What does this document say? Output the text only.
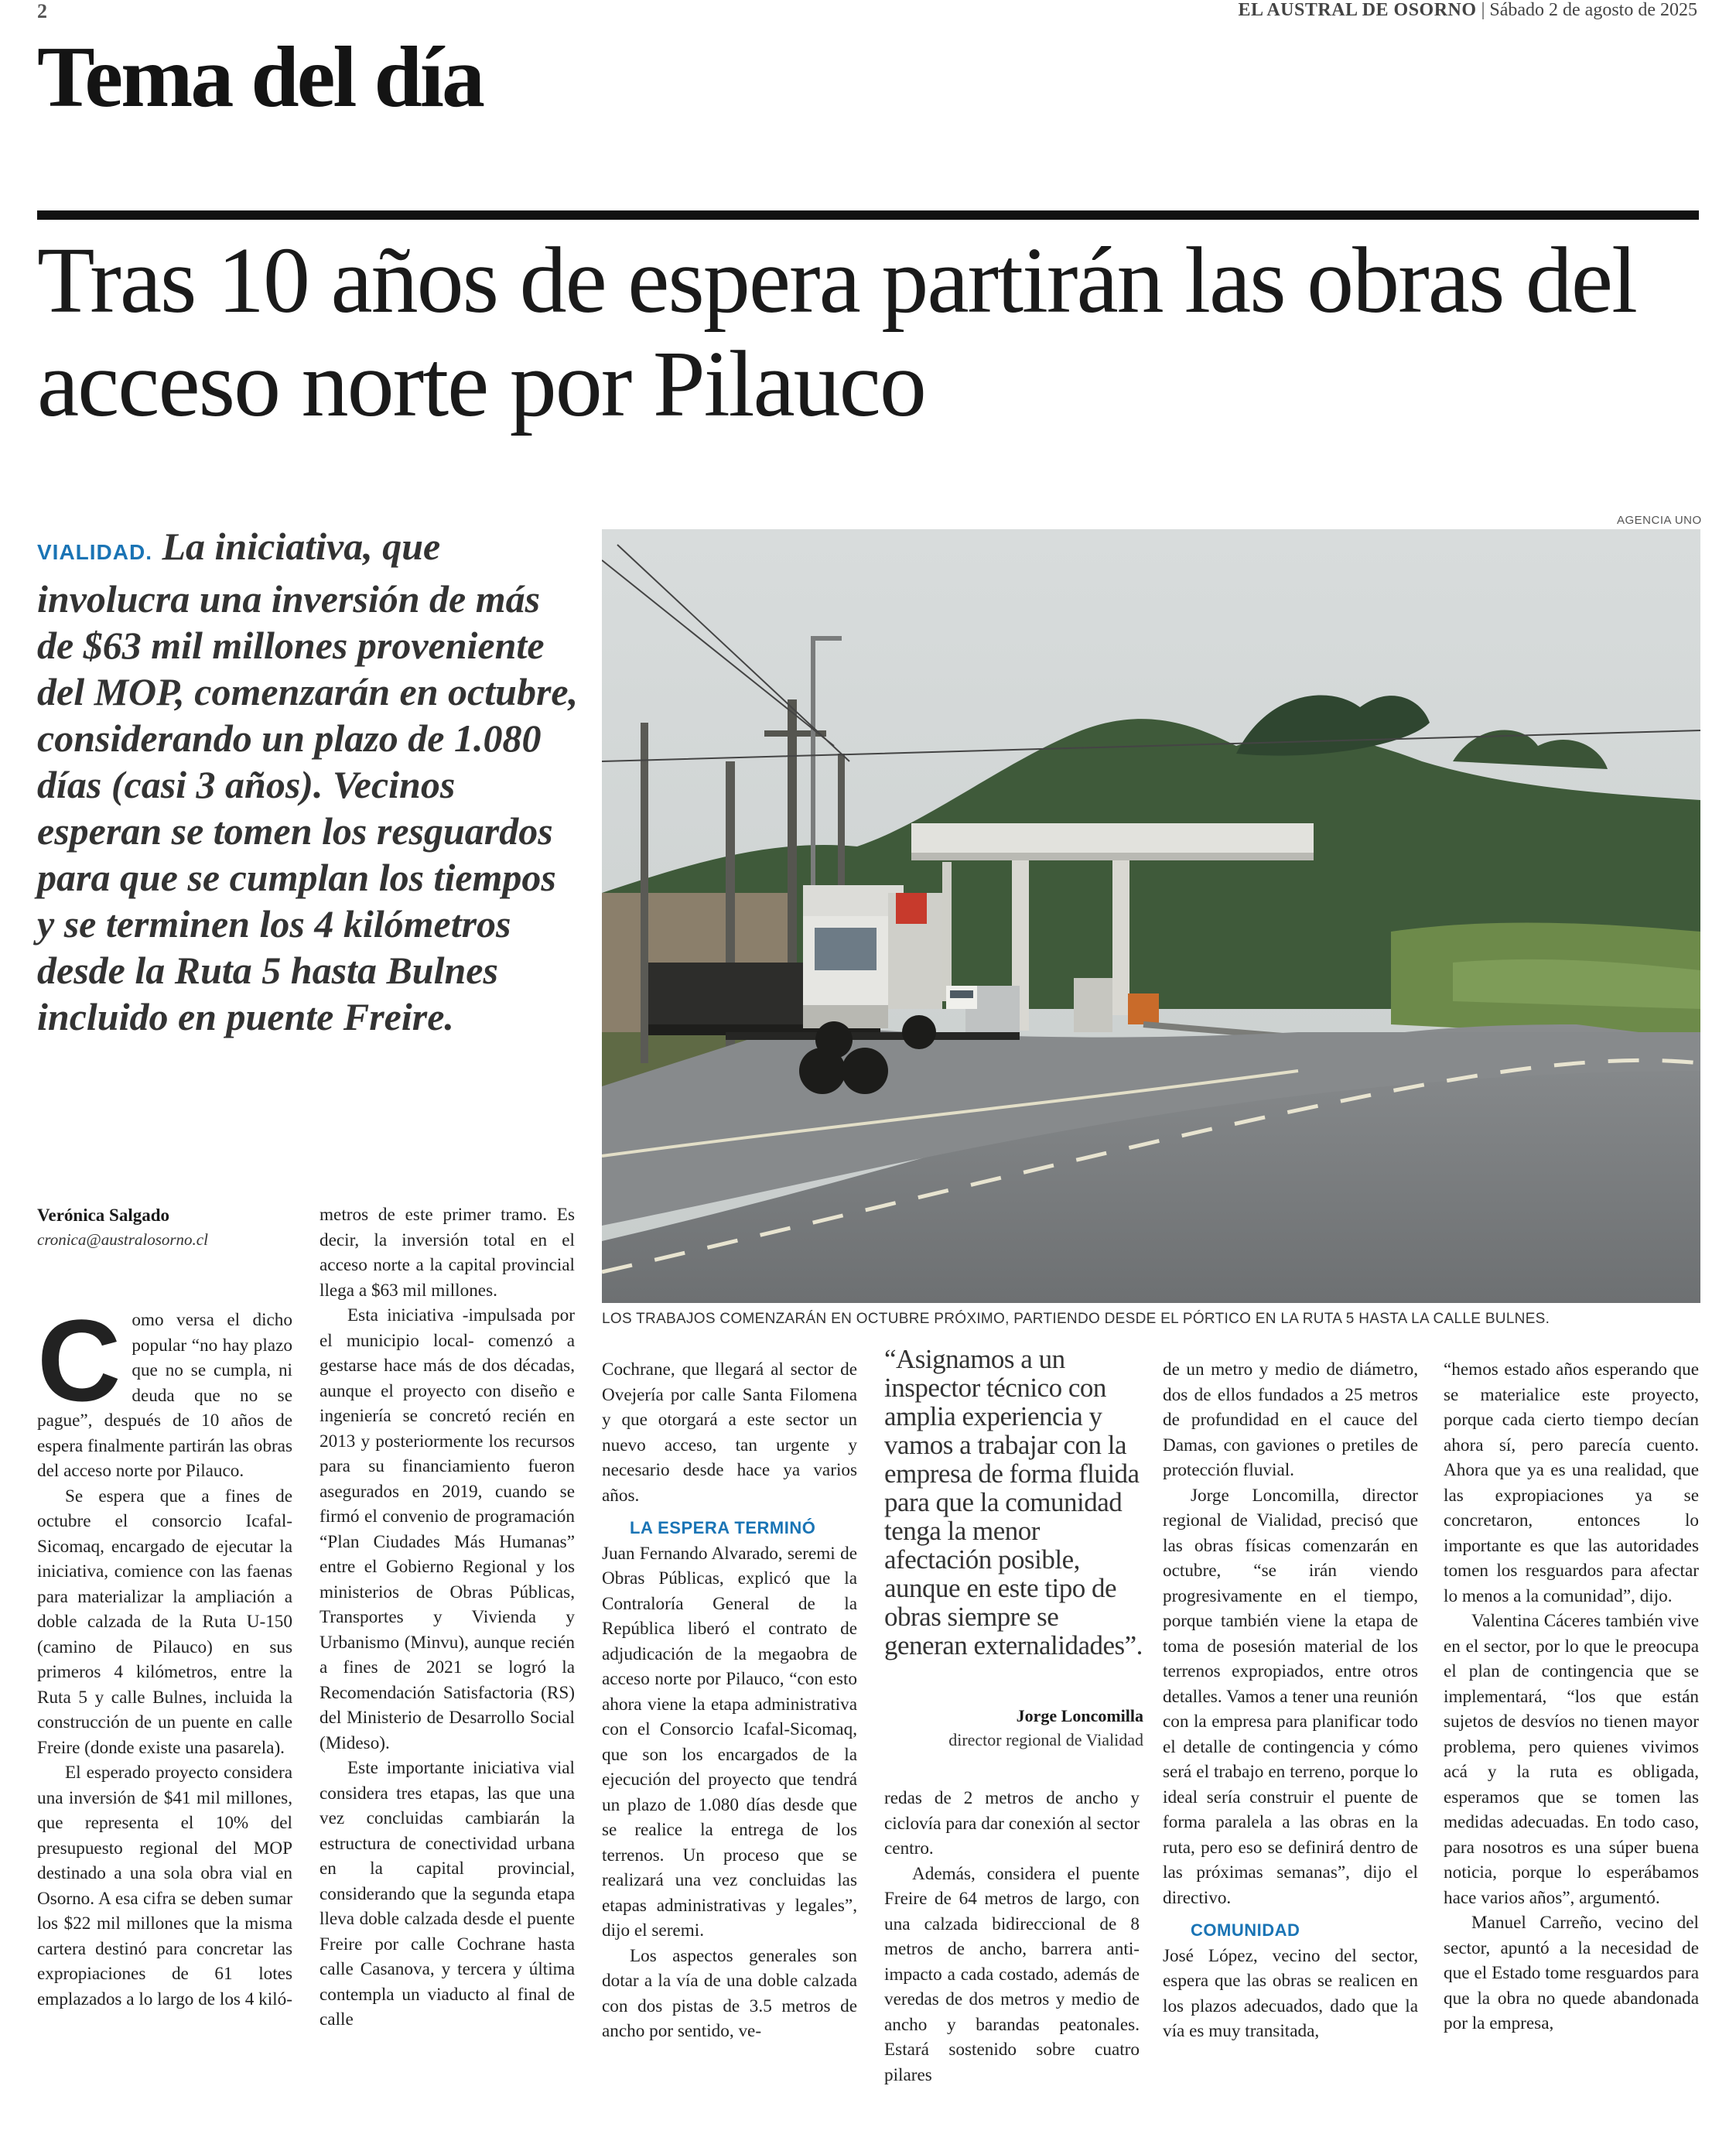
2	EL AUSTRAL DE OSORNO | Sábado 2 de agosto de 2025
Tema del día
Tras 10 años de espera partirán las obras del acceso norte por Pilauco
VIALIDAD. La iniciativa, que involucra una inversión de más de $63 mil millones proveniente del MOP, comenzarán en octubre, considerando un plazo de 1.080 días (casi 3 años). Vecinos esperan se tomen los resguardos para que se cumplan los tiempos y se terminen los 4 kilómetros desde la Ruta 5 hasta Bulnes incluido en puente Freire.
AGENCIA UNO
LOS TRABAJOS COMENZARÁN EN OCTUBRE PRÓXIMO, PARTIENDO DESDE EL PÓRTICO EN LA RUTA 5 HASTA LA CALLE BULNES.
Verónica Salgado
cronica@australosorno.cl
C omo versa el dicho popular “no hay plazo que no se cumpla, ni deuda que no se pague”, después de 10 años de espera finalmente partirán las obras del acceso norte por Pilauco.

Se espera que a fines de octubre el consorcio Icafal-Sicomaq, encargado de ejecutar la iniciativa, comience con las faenas para materializar la ampliación a doble calzada de la Ruta U-150 (camino de Pilauco) en sus primeros 4 kilómetros, entre la Ruta 5 y calle Bulnes, incluida la construcción de un puente en calle Freire (donde existe una pasarela).

El esperado proyecto considera una inversión de $41 mil millones, que representa el 10% del presupuesto regional del MOP destinado a una sola obra vial en Osorno. A esa cifra se deben sumar los $22 mil millones que la misma cartera destinó para concretar las expropiaciones de 61 lotes emplazados a lo largo de los 4 kiló-

metros de este primer tramo. Es decir, la inversión total en el acceso norte a la capital provincial llega a $63 mil millones.

Esta iniciativa -impulsada por el municipio local- comenzó a gestarse hace más de dos décadas, aunque el proyecto con diseño e ingeniería se concretó recién en 2013 y posteriormente los recursos para su financiamiento fueron asegurados en 2019, cuando se firmó el convenio de programación “Plan Ciudades Más Humanas” entre el Gobierno Regional y los ministerios de Obras Públicas, Transportes y Vivienda y Urbanismo (Minvu), aunque recién a fines de 2021 se logró la Recomendación Satisfactoria (RS) del Ministerio de Desarrollo Social (Mideso).

Este importante iniciativa vial considera tres etapas, las que una vez concluidas cambiarán la estructura de conectividad urbana en la capital provincial, considerando que la segunda etapa lleva doble calzada desde el puente Freire por calle Cochrane hasta calle Casanova, y tercera y última contempla un viaducto al final de calle

Cochrane, que llegará al sector de Ovejería por calle Santa Filomena y que otorgará a este sector un nuevo acceso, tan urgente y necesario desde hace ya varios años.

LA ESPERA TERMINÓ

Juan Fernando Alvarado, seremi de Obras Públicas, explicó que la Contraloría General de la República liberó el contrato de adjudicación de la megaobra de acceso norte por Pilauco, “con esto ahora viene la etapa administrativa con el Consorcio Icafal-Sicomaq, que son los encargados de la ejecución del proyecto que tendrá un plazo de 1.080 días desde que se realice la entrega de los terrenos. Un proceso que se realizará una vez concluidas las etapas administrativas y legales”, dijo el seremi.

Los aspectos generales son dotar a la vía de una doble calzada con dos pistas de 3.5 metros de ancho por sentido, ve-

“Asignamos a un inspector técnico con amplia experiencia y vamos a trabajar con la empresa de forma fluida para que la comunidad tenga la menor afectación posible, aunque en este tipo de obras siempre se generan externalidades”.
Jorge Loncomilla
director regional de Vialidad

redas de 2 metros de ancho y ciclovía para dar conexión al sector centro.

Además, considera el puente Freire de 64 metros de largo, con una calzada bidireccional de 8 metros de ancho, barrera anti-impacto a cada costado, además de veredas de dos metros y medio de ancho y barandas peatonales. Estará sostenido sobre cuatro pilares

de un metro y medio de diámetro, dos de ellos fundados a 25 metros de profundidad en el cauce del Damas, con gaviones o pretiles de protección fluvial.

Jorge Loncomilla, director regional de Vialidad, precisó que las obras físicas comenzarán en octubre, “se irán viendo progresivamente en el tiempo, porque también viene la etapa de toma de posesión material de los terrenos expropiados, entre otros detalles. Vamos a tener una reunión con la empresa para planificar todo el detalle de contingencia y cómo será el trabajo en terreno, porque lo ideal sería construir el puente de forma paralela a las obras en la ruta, pero eso se definirá dentro de las próximas semanas”, dijo el directivo.

COMUNIDAD

José López, vecino del sector, espera que las obras se realicen en los plazos adecuados, dado que la vía es muy transitada,

“hemos estado años esperando que se materialice este proyecto, porque cada cierto tiempo decían ahora sí, pero parecía cuento. Ahora que ya es una realidad, que las expropiaciones ya se concretaron, entonces lo importante es que las autoridades tomen los resguardos para afectar lo menos a la comunidad”, dijo.

Valentina Cáceres también vive en el sector, por lo que le preocupa el plan de contingencia que se implementará, “los que están sujetos de desvíos no tienen mayor problema, pero quienes vivimos acá y la ruta es obligada, esperamos que se tomen las medidas adecuadas. En todo caso, para nosotros es una súper buena noticia, porque lo esperábamos hace varios años”, argumentó.

Manuel Carreño, vecino del sector, apuntó a la necesidad de que el Estado tome resguardos para que la obra no quede abandonada por la empresa,
